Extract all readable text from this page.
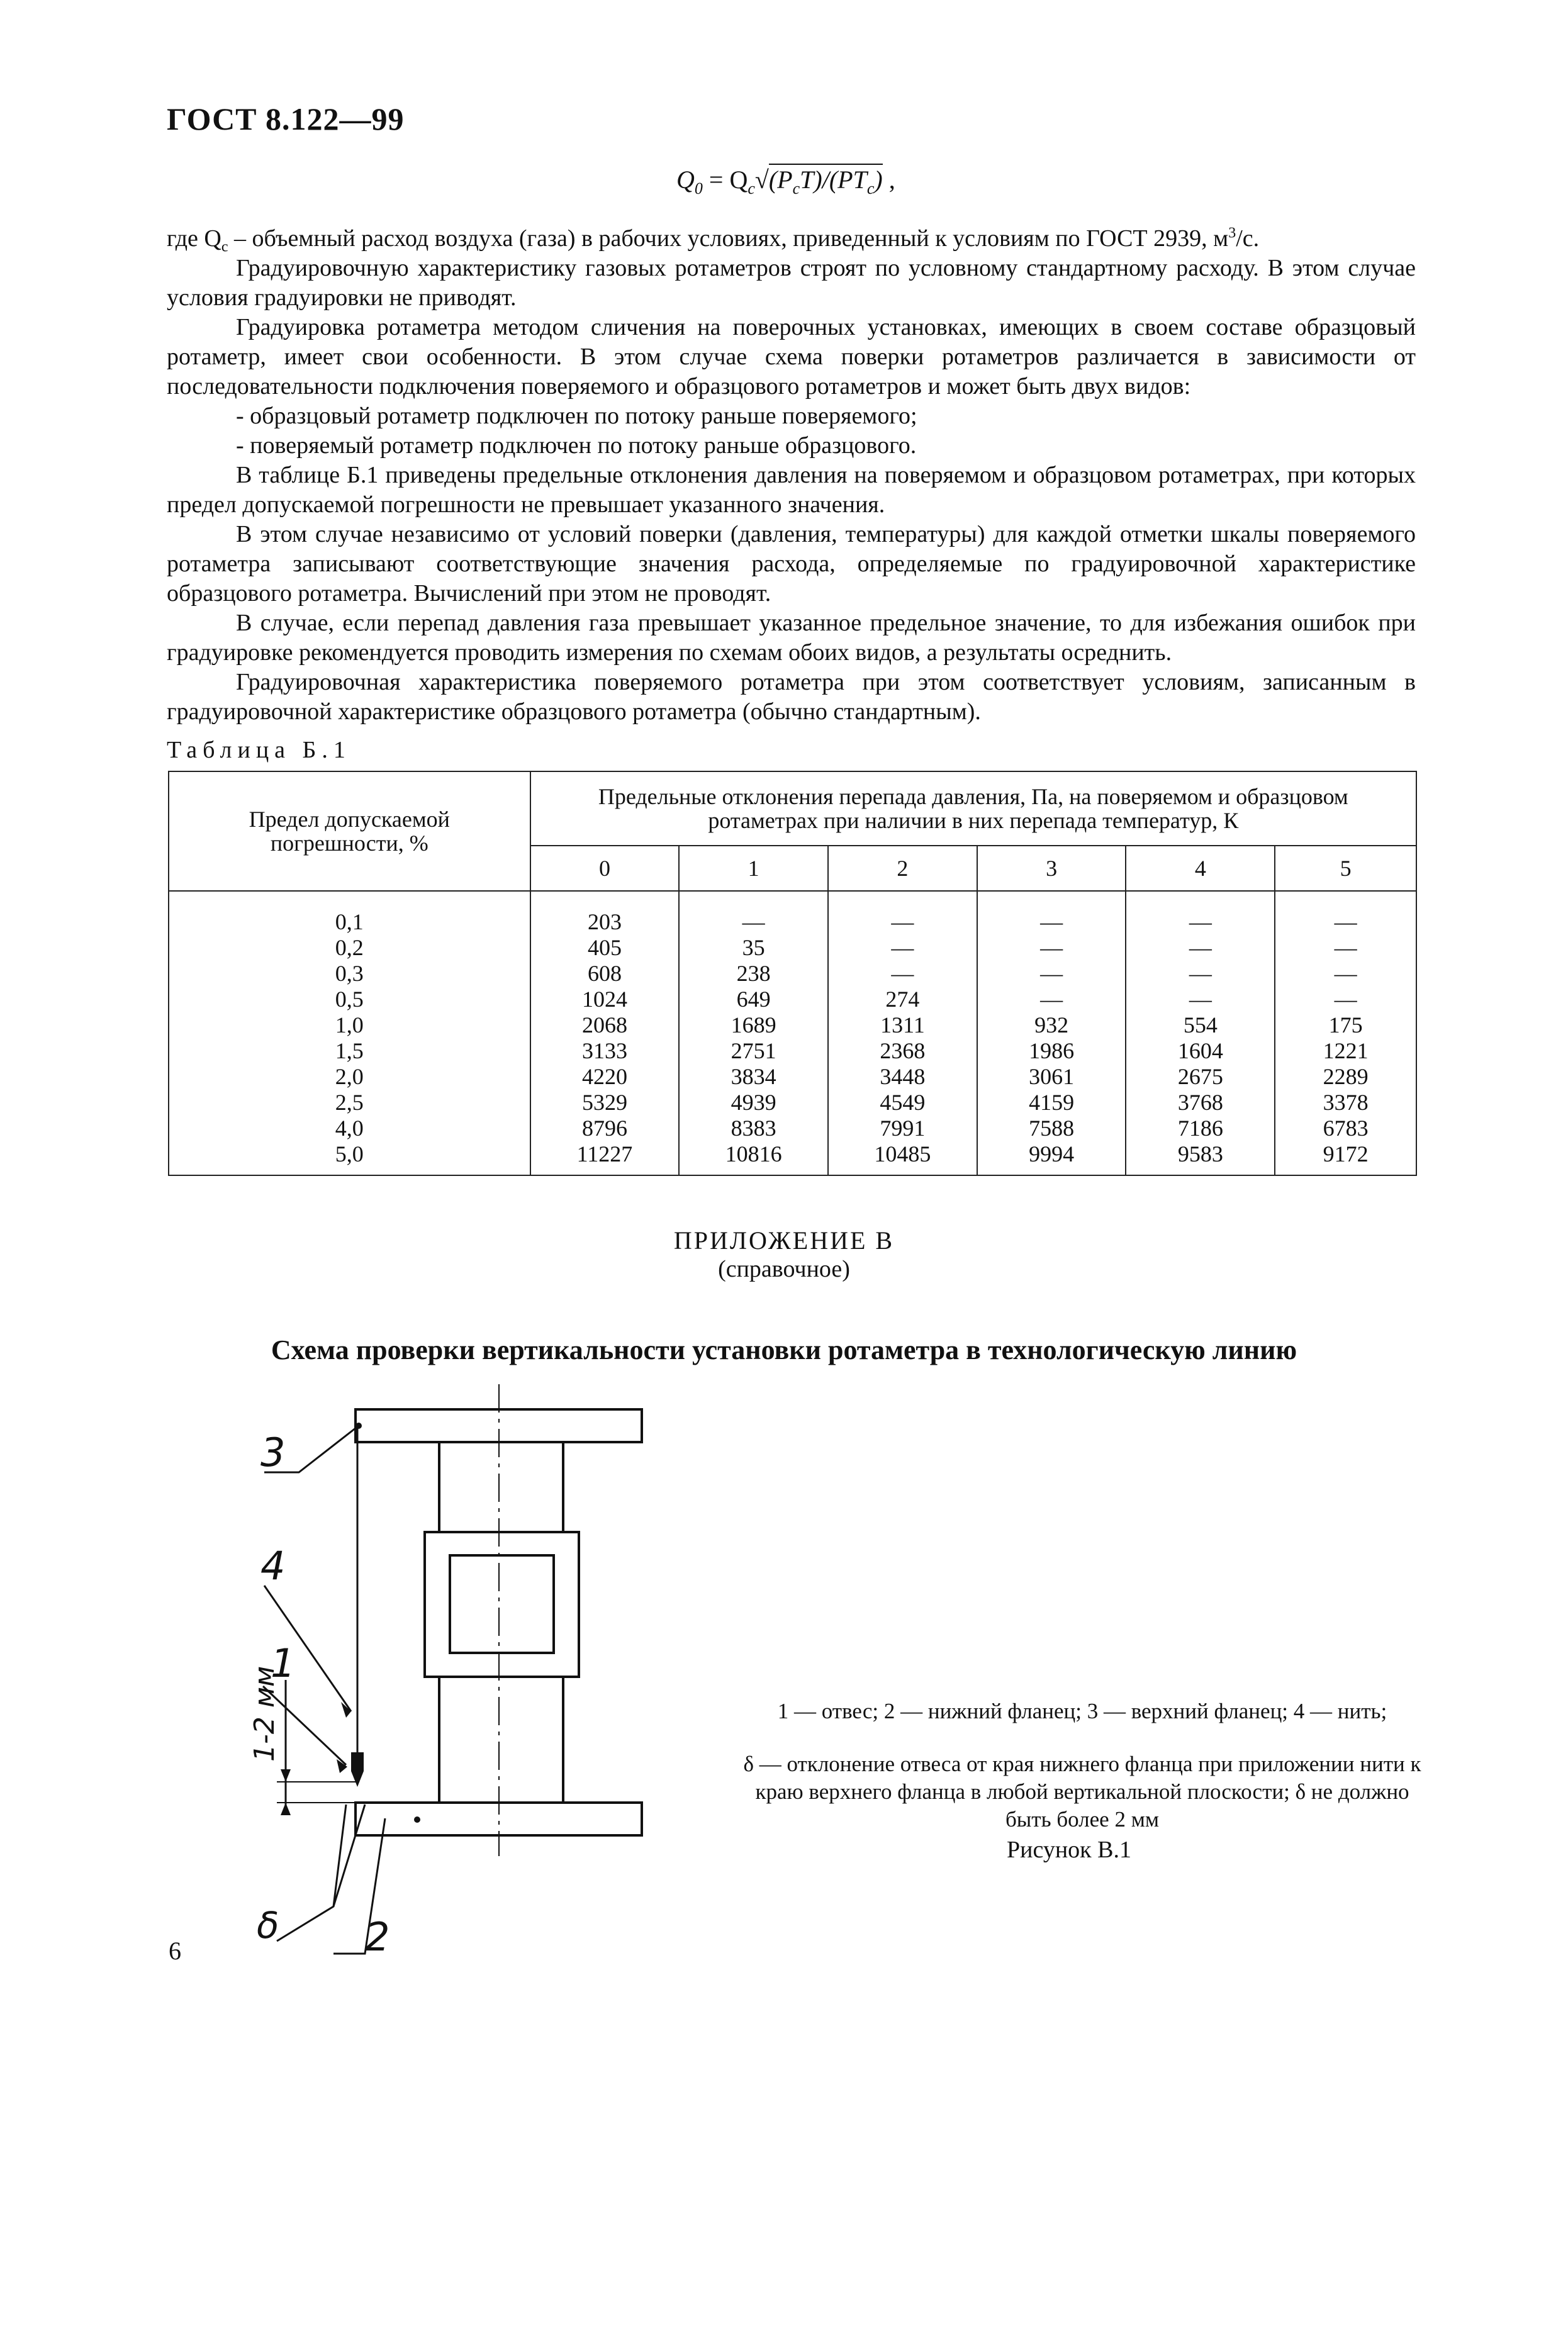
ГОСТ 8.122—99
$Q_0 = Q_с√(P_сT)/(PT_с)$ ,

где $Q_с$ – объемный расход воздуха (газа) в рабочих условиях, приведенный к условиям по ГОСТ 2939, $м^3/с$.

Градуировочную характеристику газовых ротаметров строят по условному стандартному расходу. В этом случае условия градуировки не приводят.

Градуировка ротаметра методом сличения на поверочных установках, имеющих в своем составе образцовый ротаметр, имеет свои особенности. В этом случае схема поверки ротаметров различается в зависимости от последовательности подключения поверяемого и образцового ротаметров и может быть двух видов:

- образцовый ротаметр подключен по потоку раньше поверяемого;

- поверяемый ротаметр подключен по потоку раньше образцового.

В таблице Б.1 приведены предельные отклонения давления на поверяемом и образцовом ротаметрах, при которых предел допускаемой погрешности не превышает указанного значения.

В этом случае независимо от условий поверки (давления, температуры) для каждой отметки шкалы поверяемого ротаметра записывают соответствующие значения расхода, определяемые по градуировочной характеристике образцового ротаметра. Вычислений при этом не проводят.

В случае, если перепад давления газа превышает указанное предельное значение, то для избежания ошибок при градуировке рекомендуется проводить измерения по схемам обоих видов, а результаты осреднить.

Градуировочная характеристика поверяемого ротаметра при этом соответствует условиям, записанным в градуировочной характеристике образцового ротаметра (обычно стандартным).

Таблица Б.1
Предел допускаемой погрешности, %	Предельные отклонения перепада давления, Па, на поверяемом и образцовом ротаметрах при наличии в них перепада температур, К					
	0	1	2	3	4	5

0,1	203	—	—	—	—	—
0,2	405	35	—	—	—	—
0,3	608	238	—	—	—	—
0,5	1024	649	274	—	—	—
1,0	2068	1689	1311	932	554	175
1,5	3133	2751	2368	1986	1604	1221
2,0	4220	3834	3448	3061	2675	2289
2,5	5329	4939	4549	4159	3768	3378
4,0	8796	8383	7991	7588	7186	6783
5,0	11227	10816	10485	9994	9583	9172
ПРИЛОЖЕНИЕ В
(справочное)
Схема проверки вертикальности установки ротаметра в технологическую линию
3
4
1
2
δ
1-2 мм	1 — отвес; 2 — нижний фланец; 3 — верхний фланец; 4 — нить;
δ — отклонение отвеса от края нижнего фланца при приложении нити к краю верхнего фланца в любой вертикальной плоскости; δ не должно быть более 2 мм
Рисунок В.1
6
